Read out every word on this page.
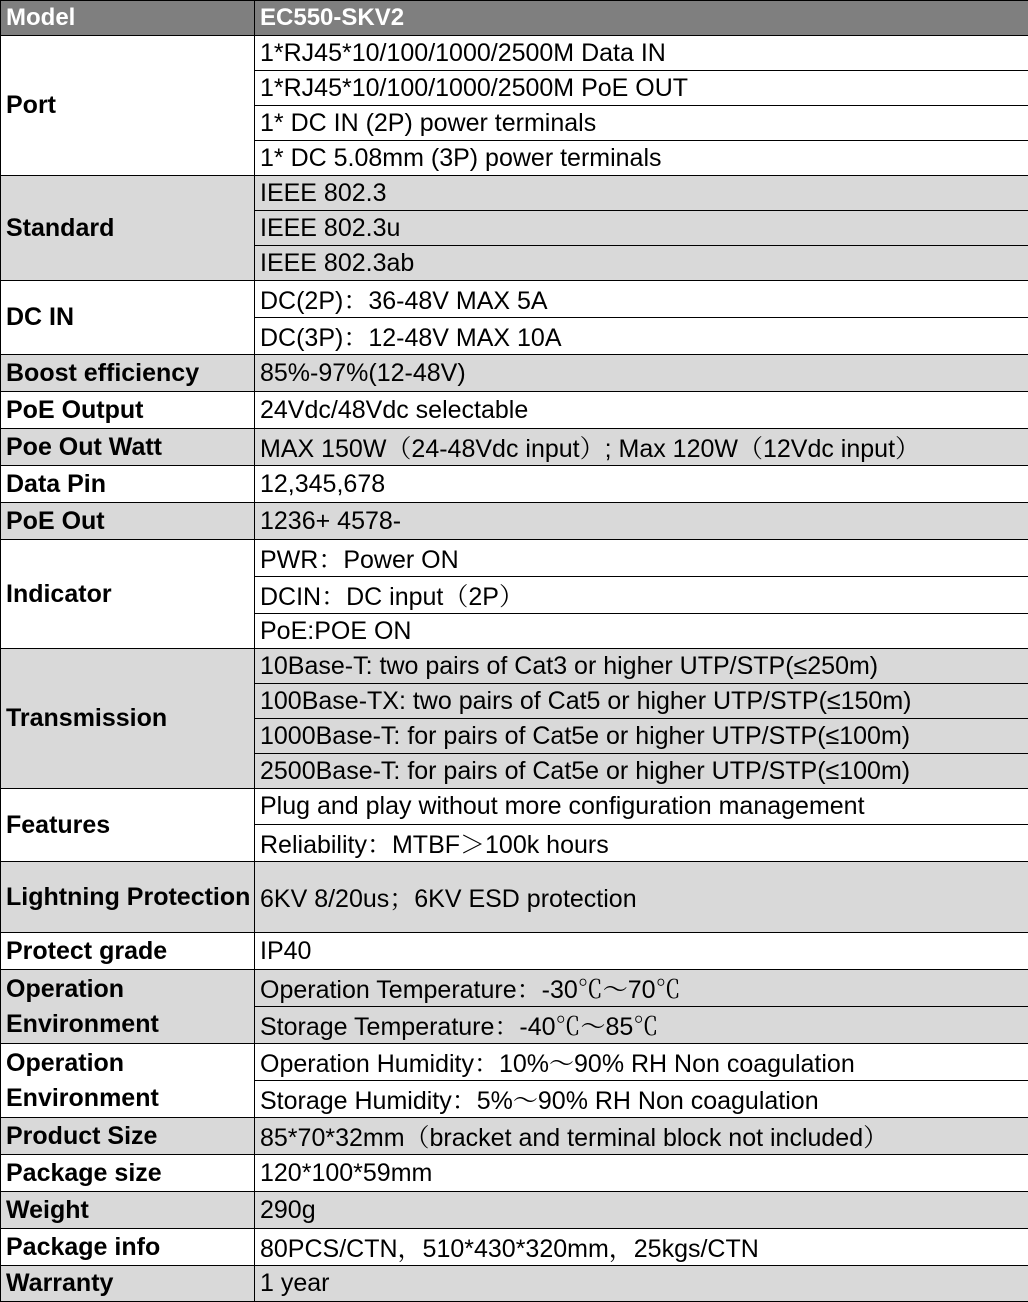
Model	EC550-SKV2
Port	1*RJ45*10/100/1000/2500M Data IN
	1*RJ45*10/100/1000/2500M PoE OUT
	1* DC IN (2P) power terminals
	1* DC 5.08mm (3P) power terminals
Standard	IEEE 802.3
	IEEE 802.3u
	IEEE 802.3ab
DC IN	DC(2P)：36-48V MAX 5A
	DC(3P)：12-48V MAX 10A
Boost efficiency	85%-97%(12-48V)
PoE Output	24Vdc/48Vdc selectable
Poe Out Watt	MAX 150W（24-48Vdc input）; Max 120W（12Vdc input）
Data Pin	12,345,678
PoE Out	1236+ 4578-
Indicator	PWR：Power ON
	DCIN：DC input（2P）
	PoE:POE ON
Transmission	10Base-T: two pairs of Cat3 or higher UTP/STP(≤250m)
	100Base-TX: two pairs of Cat5 or higher UTP/STP(≤150m)
	1000Base-T: for pairs of Cat5e or higher UTP/STP(≤100m)
	2500Base-T: for pairs of Cat5e or higher UTP/STP(≤100m)
Features	Plug and play without more configuration management
	Reliability：MTBF＞100k hours
Lightning Protection	6KV 8/20us；6KV ESD protection
Protect grade	IP40
Operation Environment	Operation Temperature：-30℃～70℃
	Storage Temperature：-40℃～85℃
Operation Environment	Operation Humidity：10%～90% RH Non coagulation
	Storage Humidity：5%～90% RH Non coagulation
Product Size	85*70*32mm（bracket and terminal block not included）
Package size	120*100*59mm
Weight	290g
Package info	80PCS/CTN，510*430*320mm，25kgs/CTN
Warranty	1 year
